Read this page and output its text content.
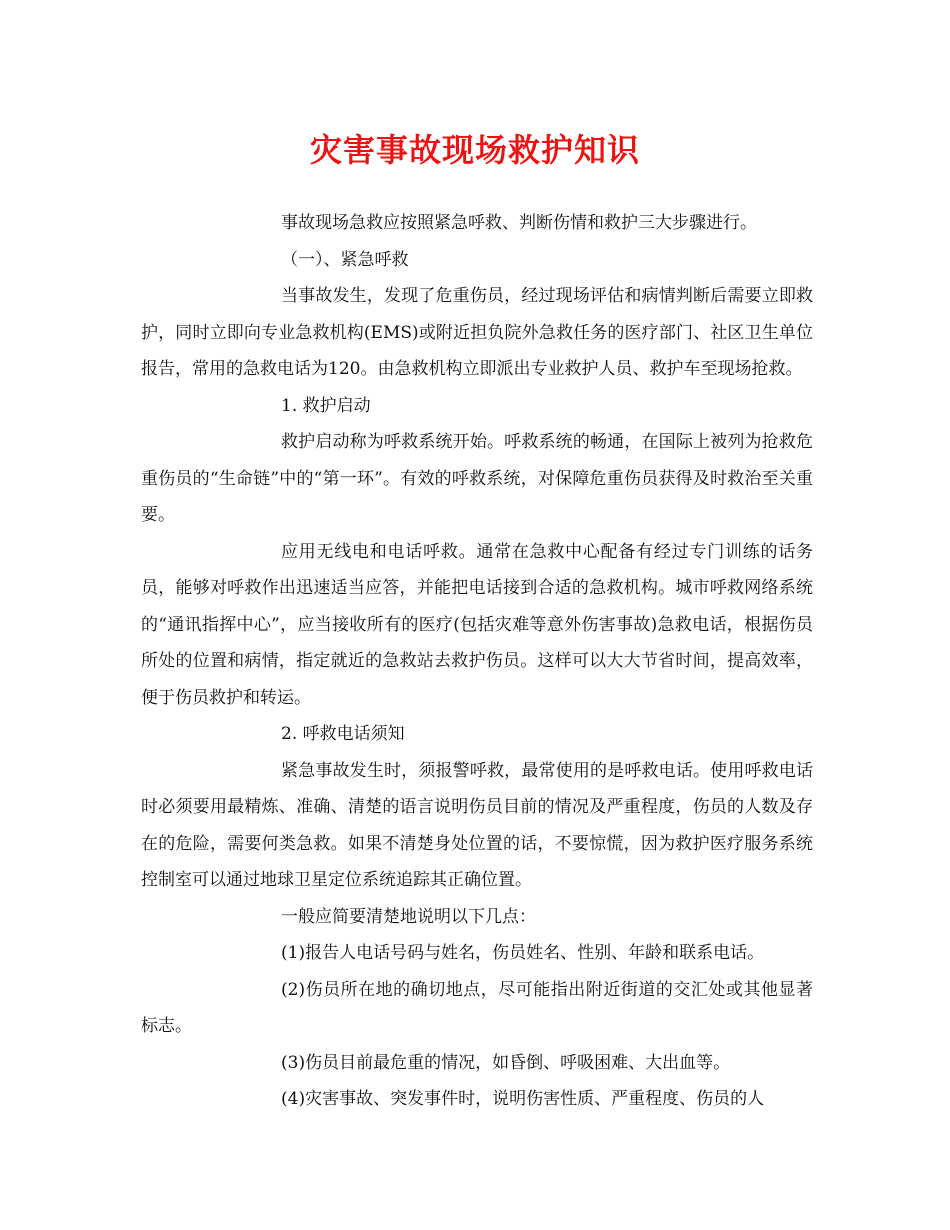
灾害事故现场救护知识

事故现场急救应按照紧急呼救、判断伤情和救护三大步骤进行。

（一）、紧急呼救

当事故发生，发现了危重伤员，经过现场评估和病情判断后需要立即救护，同时立即向专业急救机构(EMS)或附近担负院外急救任务的医疗部门、社区卫生单位报告，常用的急救电话为120。由急救机构立即派出专业救护人员、救护车至现场抢救。

1. 救护启动

救护启动称为呼救系统开始。呼救系统的畅通，在国际上被列为抢救危重伤员的“生命链”中的“第一环”。有效的呼救系统，对保障危重伤员获得及时救治至关重要。

应用无线电和电话呼救。通常在急救中心配备有经过专门训练的话务员，能够对呼救作出迅速适当应答，并能把电话接到合适的急救机构。城市呼救网络系统的“通讯指挥中心”，应当接收所有的医疗(包括灾难等意外伤害事故)急救电话，根据伤员所处的位置和病情，指定就近的急救站去救护伤员。这样可以大大节省时间，提高效率，便于伤员救护和转运。

2. 呼救电话须知

紧急事故发生时，须报警呼救，最常使用的是呼救电话。使用呼救电话时必须要用最精炼、准确、清楚的语言说明伤员目前的情况及严重程度，伤员的人数及存在的危险，需要何类急救。如果不清楚身处位置的话，不要惊慌，因为救护医疗服务系统控制室可以通过地球卫星定位系统追踪其正确位置。

一般应简要清楚地说明以下几点：

(1)报告人电话号码与姓名，伤员姓名、性别、年龄和联系电话。

(2)伤员所在地的确切地点，尽可能指出附近街道的交汇处或其他显著标志。

(3)伤员目前最危重的情况，如昏倒、呼吸困难、大出血等。

(4)灾害事故、突发事件时，说明伤害性质、严重程度、伤员的人
